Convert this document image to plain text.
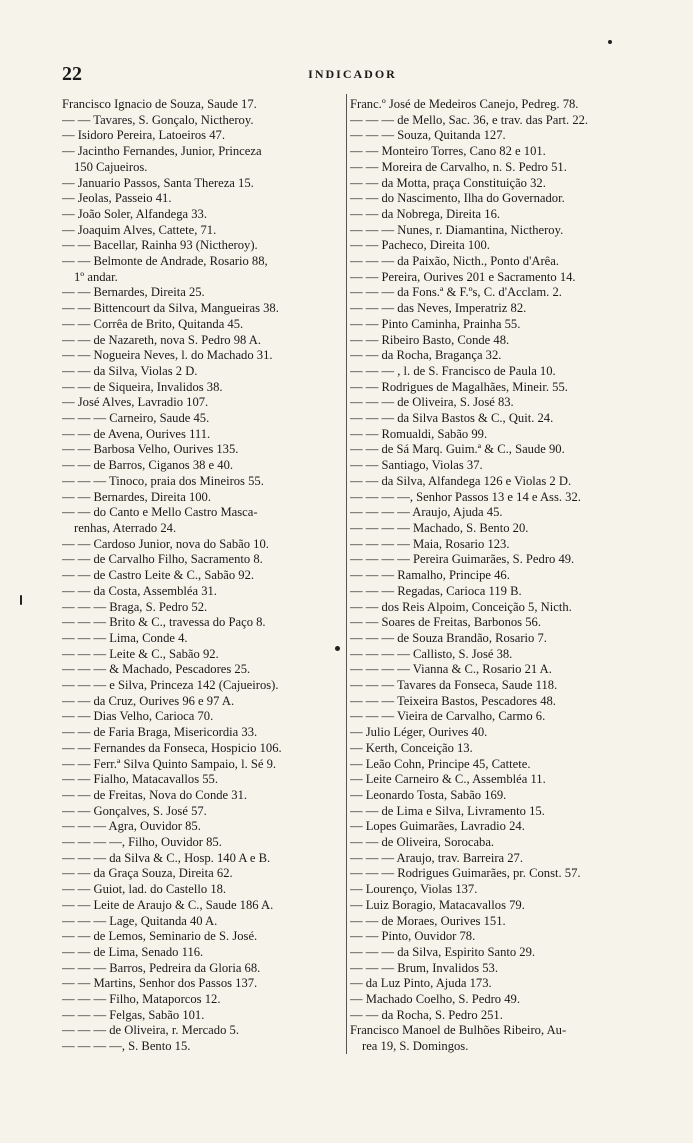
22	INDICADOR
Francisco Ignacio de Souza, Saude 17.
— — Tavares, S. Gonçalo, Nictheroy.
— Isidoro Pereira, Latoeiros 47.
— Jacintho Fernandes, Junior, Princeza
150 Cajueiros.
— Januario Passos, Santa Thereza 15.
— Jeolas, Passeio 41.
— João Soler, Alfandega 33.
— Joaquim Alves, Cattete, 71.
— — Bacellar, Rainha 93 (Nictheroy).
— — Belmonte de Andrade, Rosario 88,
1º andar.
— — Bernardes, Direita 25.
— — Bittencourt da Silva, Mangueiras 38.
— — Corrêa de Brito, Quitanda 45.
— — de Nazareth, nova S. Pedro 98 A.
— — Nogueira Neves, l. do Machado 31.
— — da Silva, Violas 2 D.
— — de Siqueira, Invalidos 38.
— José Alves, Lavradio 107.
— — — Carneiro, Saude 45.
— — de Avena, Ourives 111.
— — Barbosa Velho, Ourives 135.
— — de Barros, Ciganos 38 e 40.
— — — Tinoco, praia dos Mineiros 55.
— — Bernardes, Direita 100.
— — do Canto e Mello Castro Masca-
renhas, Aterrado 24.
— — Cardoso Junior, nova do Sabão 10.
— — de Carvalho Filho, Sacramento 8.
— — de Castro Leite & C., Sabão 92.
— — da Costa, Assembléa 31.
— — — Braga, S. Pedro 52.
— — — Brito & C., travessa do Paço 8.
— — — Lima, Conde 4.
— — — Leite & C., Sabão 92.
— — — & Machado, Pescadores 25.
— — — e Silva, Princeza 142 (Cajueiros).
— — da Cruz, Ourives 96 e 97 A.
— — Dias Velho, Carioca 70.
— — de Faria Braga, Misericordia 33.
— — Fernandes da Fonseca, Hospicio 106.
— — Ferr.ª Silva Quinto Sampaio, l. Sé 9.
— — Fialho, Matacavallos 55.
— — de Freitas, Nova do Conde 31.
— — Gonçalves, S. José 57.
— — — Agra, Ouvidor 85.
— — — —, Filho, Ouvidor 85.
— — — da Silva & C., Hosp. 140 A e B.
— — da Graça Souza, Direita 62.
— — Guiot, lad. do Castello 18.
— — Leite de Araujo & C., Saude 186 A.
— — — Lage, Quitanda 40 A.
— — de Lemos, Seminario de S. José.
— — de Lima, Senado 116.
— — — Barros, Pedreira da Gloria 68.
— — Martins, Senhor dos Passos 137.
— — — Filho, Mataporcos 12.
— — — Felgas, Sabão 101.
— — — de Oliveira, r. Mercado 5.
— — — —, S. Bento 15.
Franc.º José de Medeiros Canejo, Pedreg. 78.
— — — de Mello, Sac. 36, e trav. das Part. 22.
— — — Souza, Quitanda 127.
— — Monteiro Torres, Cano 82 e 101.
— — Moreira de Carvalho, n. S. Pedro 51.
— — da Motta, praça Constituição 32.
— — do Nascimento, Ilha do Governador.
— — da Nobrega, Direita 16.
— — — Nunes, r. Diamantina, Nictheroy.
— — Pacheco, Direita 100.
— — — da Paixão, Nicth., Ponto d'Arêa.
— — Pereira, Ourives 201 e Sacramento 14.
— — — da Fons.ª & F.ºs, C. d'Acclam. 2.
— — — das Neves, Imperatriz 82.
— — Pinto Caminha, Prainha 55.
— — Ribeiro Basto, Conde 48.
— — da Rocha, Bragança 32.
— — — , l. de S. Francisco de Paula 10.
— — Rodrigues de Magalhães, Mineir. 55.
— — — de Oliveira, S. José 83.
— — — da Silva Bastos & C., Quit. 24.
— — Romualdi, Sabão 99.
— — de Sá Marq. Guim.ª & C., Saude 90.
— — Santiago, Violas 37.
— — da Silva, Alfandega 126 e Violas 2 D.
— — — —, Senhor Passos 13 e 14 e Ass. 32.
— — — — Araujo, Ajuda 45.
— — — — Machado, S. Bento 20.
— — — — Maia, Rosario 123.
— — — — Pereira Guimarães, S. Pedro 49.
— — — Ramalho, Principe 46.
— — — Regadas, Carioca 119 B.
— — dos Reis Alpoim, Conceição 5, Nicth.
— — Soares de Freitas, Barbonos 56.
— — — de Souza Brandão, Rosario 7.
— — — — Callisto, S. José 38.
— — — — Vianna & C., Rosario 21 A.
— — — Tavares da Fonseca, Saude 118.
— — — Teixeira Bastos, Pescadores 48.
— — — Vieira de Carvalho, Carmo 6.
— Julio Léger, Ourives 40.
— Kerth, Conceição 13.
— Leão Cohn, Principe 45, Cattete.
— Leite Carneiro & C., Assembléa 11.
— Leonardo Tosta, Sabão 169.
— — de Lima e Silva, Livramento 15.
— Lopes Guimarães, Lavradio 24.
— — de Oliveira, Sorocaba.
— — — Araujo, trav. Barreira 27.
— — — Rodrigues Guimarães, pr. Const. 57.
— Lourenço, Violas 137.
— Luiz Boragio, Matacavallos 79.
— — de Moraes, Ourives 151.
— — Pinto, Ouvidor 78.
— — — da Silva, Espirito Santo 29.
— — — Brum, Invalidos 53.
— da Luz Pinto, Ajuda 173.
— Machado Coelho, S. Pedro 49.
— — da Rocha, S. Pedro 251.
Francisco Manoel de Bulhões Ribeiro, Au-
rea 19, S. Domingos.
